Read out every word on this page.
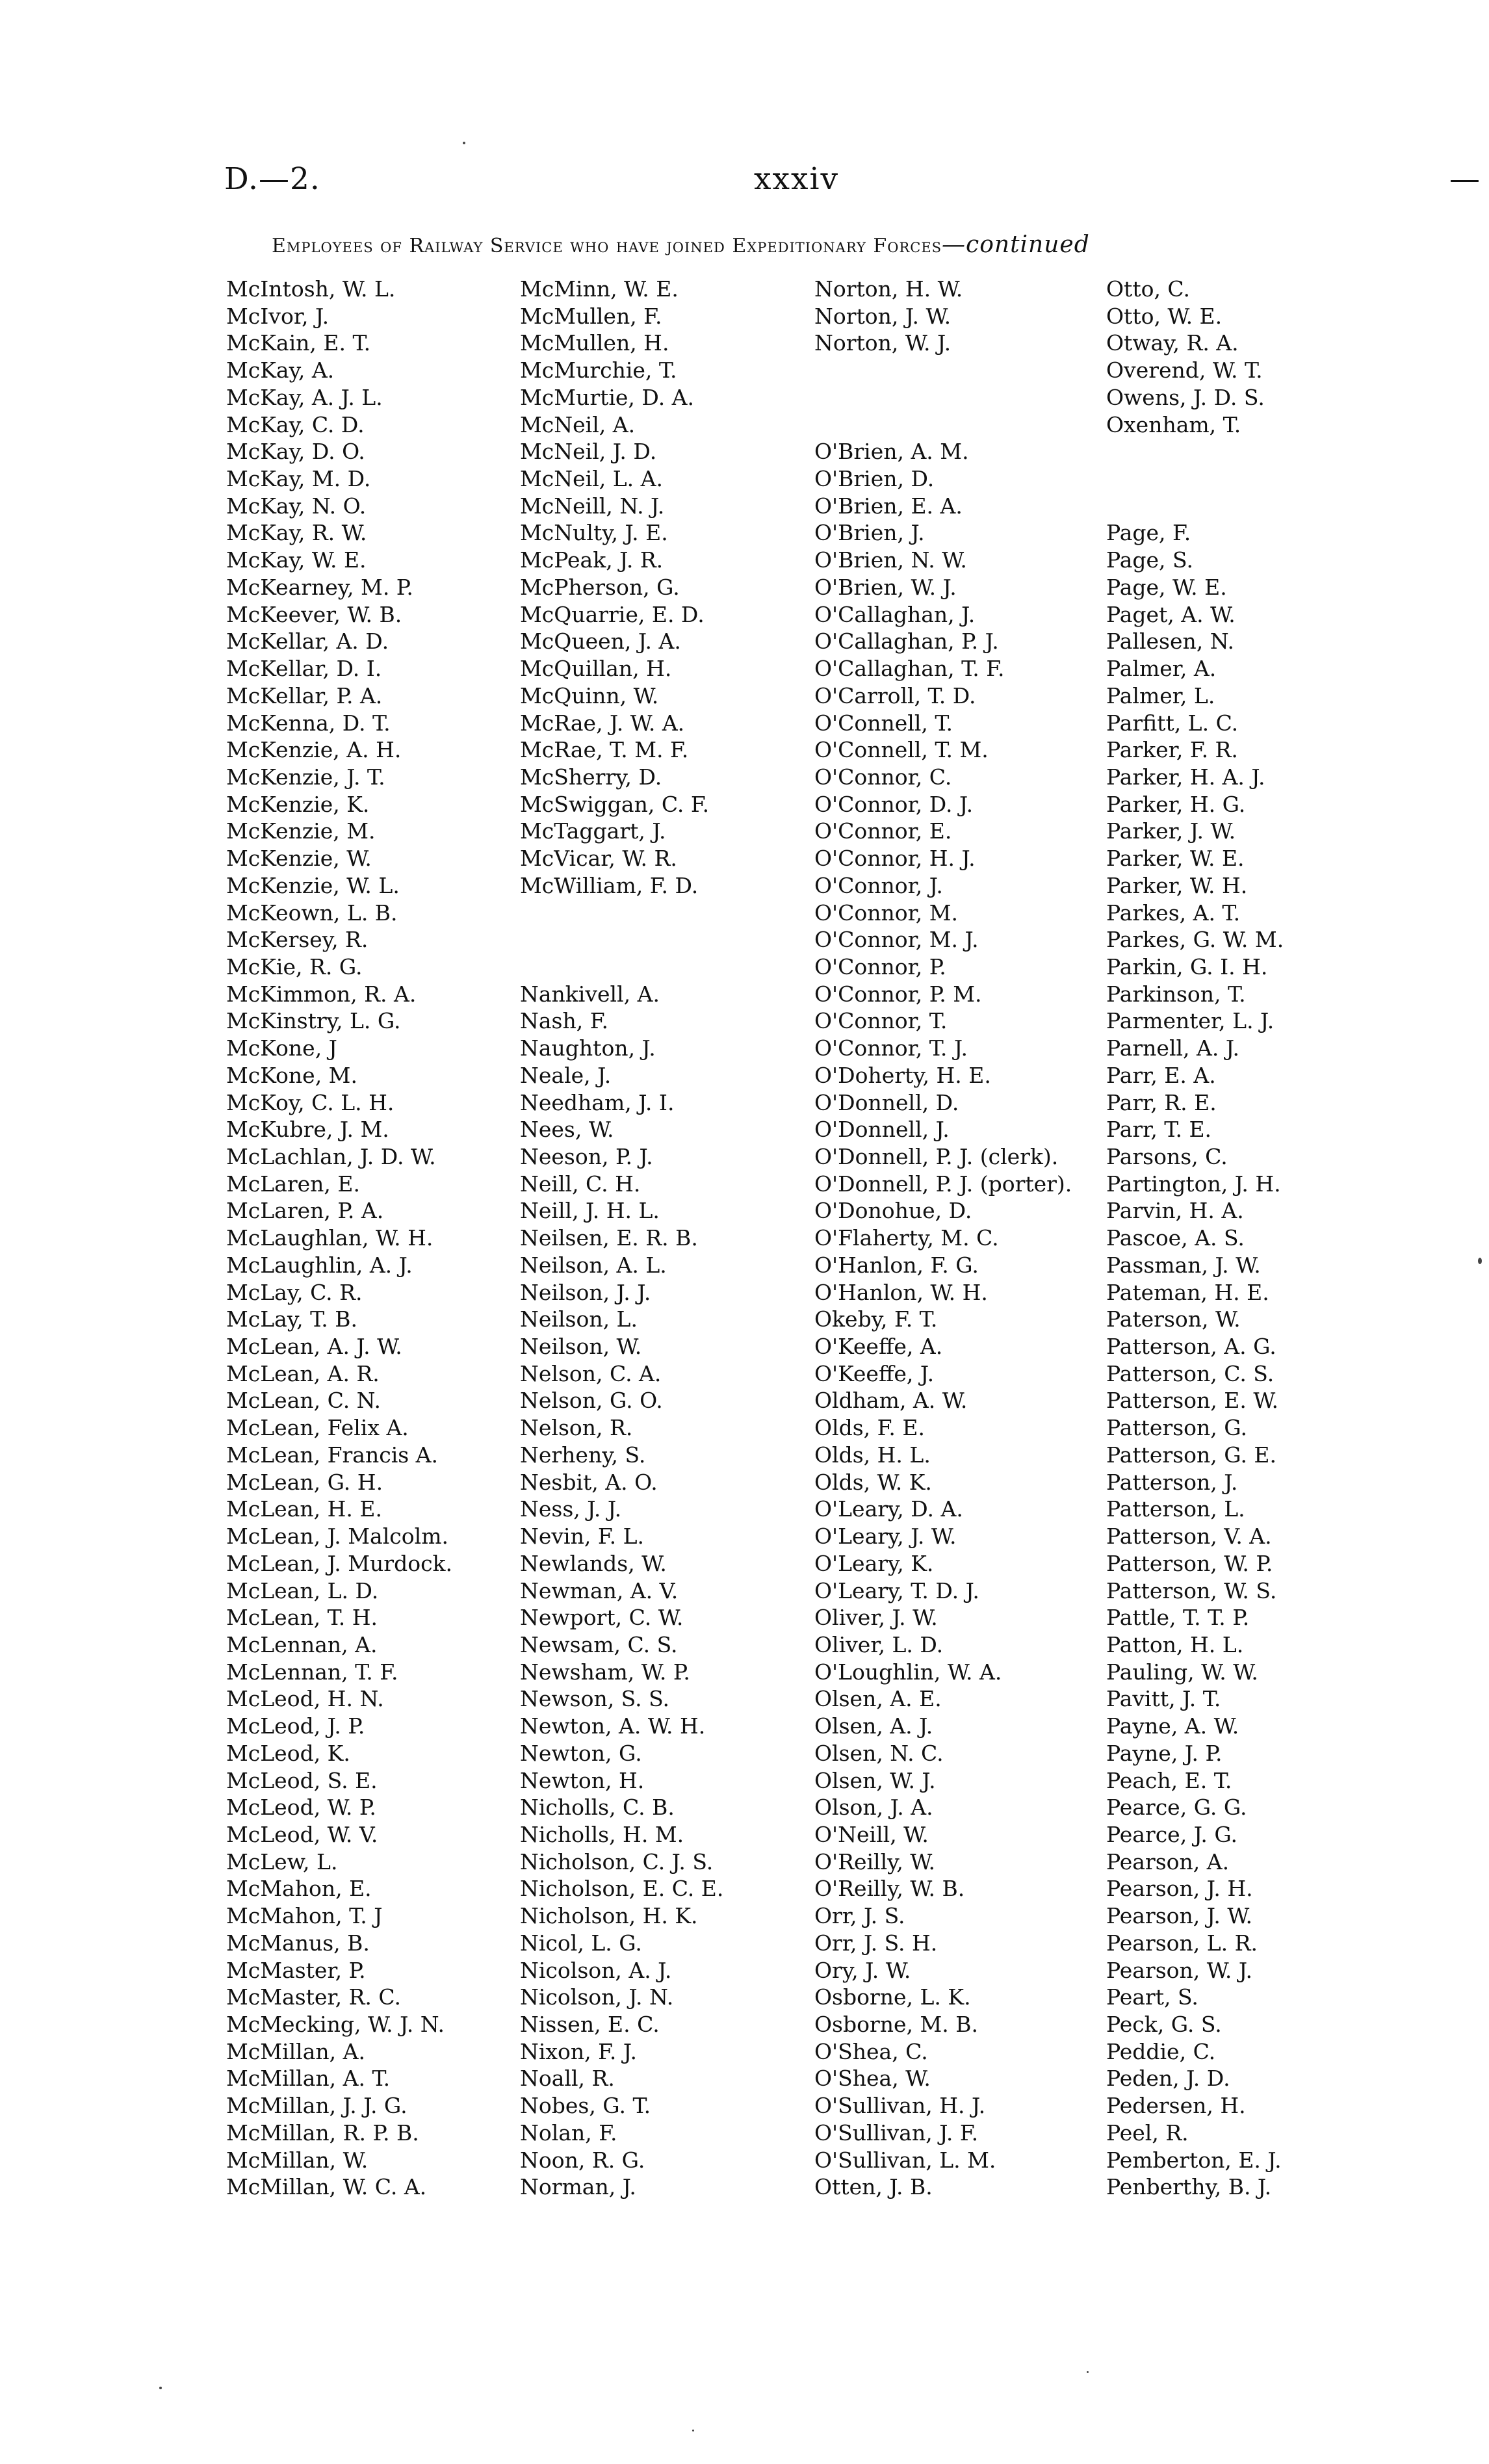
D.—2.	xxxiv	—
Employees of Railway Service who have joined Expeditionary Forces—continued
McIntosh, W. L.
McIvor, J.
McKain, E. T.
McKay, A.
McKay, A. J. L.
McKay, C. D.
McKay, D. O.
McKay, M. D.
McKay, N. O.
McKay, R. W.
McKay, W. E.
McKearney, M. P.
McKeever, W. B.
McKellar, A. D.
McKellar, D. I.
McKellar, P. A.
McKenna, D. T.
McKenzie, A. H.
McKenzie, J. T.
McKenzie, K.
McKenzie, M.
McKenzie, W.
McKenzie, W. L.
McKeown, L. B.
McKersey, R.
McKie, R. G.
McKimmon, R. A.
McKinstry, L. G.
McKone, J
McKone, M.
McKoy, C. L. H.
McKubre, J. M.
McLachlan, J. D. W.
McLaren, E.
McLaren, P. A.
McLaughlan, W. H.
McLaughlin, A. J.
McLay, C. R.
McLay, T. B.
McLean, A. J. W.
McLean, A. R.
McLean, C. N.
McLean, Felix A.
McLean, Francis A.
McLean, G. H.
McLean, H. E.
McLean, J. Malcolm.
McLean, J. Murdock.
McLean, L. D.
McLean, T. H.
McLennan, A.
McLennan, T. F.
McLeod, H. N.
McLeod, J. P.
McLeod, K.
McLeod, S. E.
McLeod, W. P.
McLeod, W. V.
McLew, L.
McMahon, E.
McMahon, T. J
McManus, B.
McMaster, P.
McMaster, R. C.
McMecking, W. J. N.
McMillan, A.
McMillan, A. T.
McMillan, J. J. G.
McMillan, R. P. B.
McMillan, W.
McMillan, W. C. A.
McMinn, W. E.
McMullen, F.
McMullen, H.
McMurchie, T.
McMurtie, D. A.
McNeil, A.
McNeil, J. D.
McNeil, L. A.
McNeill, N. J.
McNulty, J. E.
McPeak, J. R.
McPherson, G.
McQuarrie, E. D.
McQueen, J. A.
McQuillan, H.
McQuinn, W.
McRae, J. W. A.
McRae, T. M. F.
McSherry, D.
McSwiggan, C. F.
McTaggart, J.
McVicar, W. R.
McWilliam, F. D.
Nankivell, A.
Nash, F.
Naughton, J.
Neale, J.
Needham, J. I.
Nees, W.
Neeson, P. J.
Neill, C. H.
Neill, J. H. L.
Neilsen, E. R. B.
Neilson, A. L.
Neilson, J. J.
Neilson, L.
Neilson, W.
Nelson, C. A.
Nelson, G. O.
Nelson, R.
Nerheny, S.
Nesbit, A. O.
Ness, J. J.
Nevin, F. L.
Newlands, W.
Newman, A. V.
Newport, C. W.
Newsam, C. S.
Newsham, W. P.
Newson, S. S.
Newton, A. W. H.
Newton, G.
Newton, H.
Nicholls, C. B.
Nicholls, H. M.
Nicholson, C. J. S.
Nicholson, E. C. E.
Nicholson, H. K.
Nicol, L. G.
Nicolson, A. J.
Nicolson, J. N.
Nissen, E. C.
Nixon, F. J.
Noall, R.
Nobes, G. T.
Nolan, F.
Noon, R. G.
Norman, J.
Norton, H. W.
Norton, J. W.
Norton, W. J.
O'Brien, A. M.
O'Brien, D.
O'Brien, E. A.
O'Brien, J.
O'Brien, N. W.
O'Brien, W. J.
O'Callaghan, J.
O'Callaghan, P. J.
O'Callaghan, T. F.
O'Carroll, T. D.
O'Connell, T.
O'Connell, T. M.
O'Connor, C.
O'Connor, D. J.
O'Connor, E.
O'Connor, H. J.
O'Connor, J.
O'Connor, M.
O'Connor, M. J.
O'Connor, P.
O'Connor, P. M.
O'Connor, T.
O'Connor, T. J.
O'Doherty, H. E.
O'Donnell, D.
O'Donnell, J.
O'Donnell, P. J. (clerk).
O'Donnell, P. J. (porter).
O'Donohue, D.
O'Flaherty, M. C.
O'Hanlon, F. G.
O'Hanlon, W. H.
Okeby, F. T.
O'Keeffe, A.
O'Keeffe, J.
Oldham, A. W.
Olds, F. E.
Olds, H. L.
Olds, W. K.
O'Leary, D. A.
O'Leary, J. W.
O'Leary, K.
O'Leary, T. D. J.
Oliver, J. W.
Oliver, L. D.
O'Loughlin, W. A.
Olsen, A. E.
Olsen, A. J.
Olsen, N. C.
Olsen, W. J.
Olson, J. A.
O'Neill, W.
O'Reilly, W.
O'Reilly, W. B.
Orr, J. S.
Orr, J. S. H.
Ory, J. W.
Osborne, L. K.
Osborne, M. B.
O'Shea, C.
O'Shea, W.
O'Sullivan, H. J.
O'Sullivan, J. F.
O'Sullivan, L. M.
Otten, J. B.
Otto, C.
Otto, W. E.
Otway, R. A.
Overend, W. T.
Owens, J. D. S.
Oxenham, T.
Page, F.
Page, S.
Page, W. E.
Paget, A. W.
Pallesen, N.
Palmer, A.
Palmer, L.
Parfitt, L. C.
Parker, F. R.
Parker, H. A. J.
Parker, H. G.
Parker, J. W.
Parker, W. E.
Parker, W. H.
Parkes, A. T.
Parkes, G. W. M.
Parkin, G. I. H.
Parkinson, T.
Parmenter, L. J.
Parnell, A. J.
Parr, E. A.
Parr, R. E.
Parr, T. E.
Parsons, C.
Partington, J. H.
Parvin, H. A.
Pascoe, A. S.
Passman, J. W.
Pateman, H. E.
Paterson, W.
Patterson, A. G.
Patterson, C. S.
Patterson, E. W.
Patterson, G.
Patterson, G. E.
Patterson, J.
Patterson, L.
Patterson, V. A.
Patterson, W. P.
Patterson, W. S.
Pattle, T. T. P.
Patton, H. L.
Pauling, W. W.
Pavitt, J. T.
Payne, A. W.
Payne, J. P.
Peach, E. T.
Pearce, G. G.
Pearce, J. G.
Pearson, A.
Pearson, J. H.
Pearson, J. W.
Pearson, L. R.
Pearson, W. J.
Peart, S.
Peck, G. S.
Peddie, C.
Peden, J. D.
Pedersen, H.
Peel, R.
Pemberton, E. J.
Penberthy, B. J.
